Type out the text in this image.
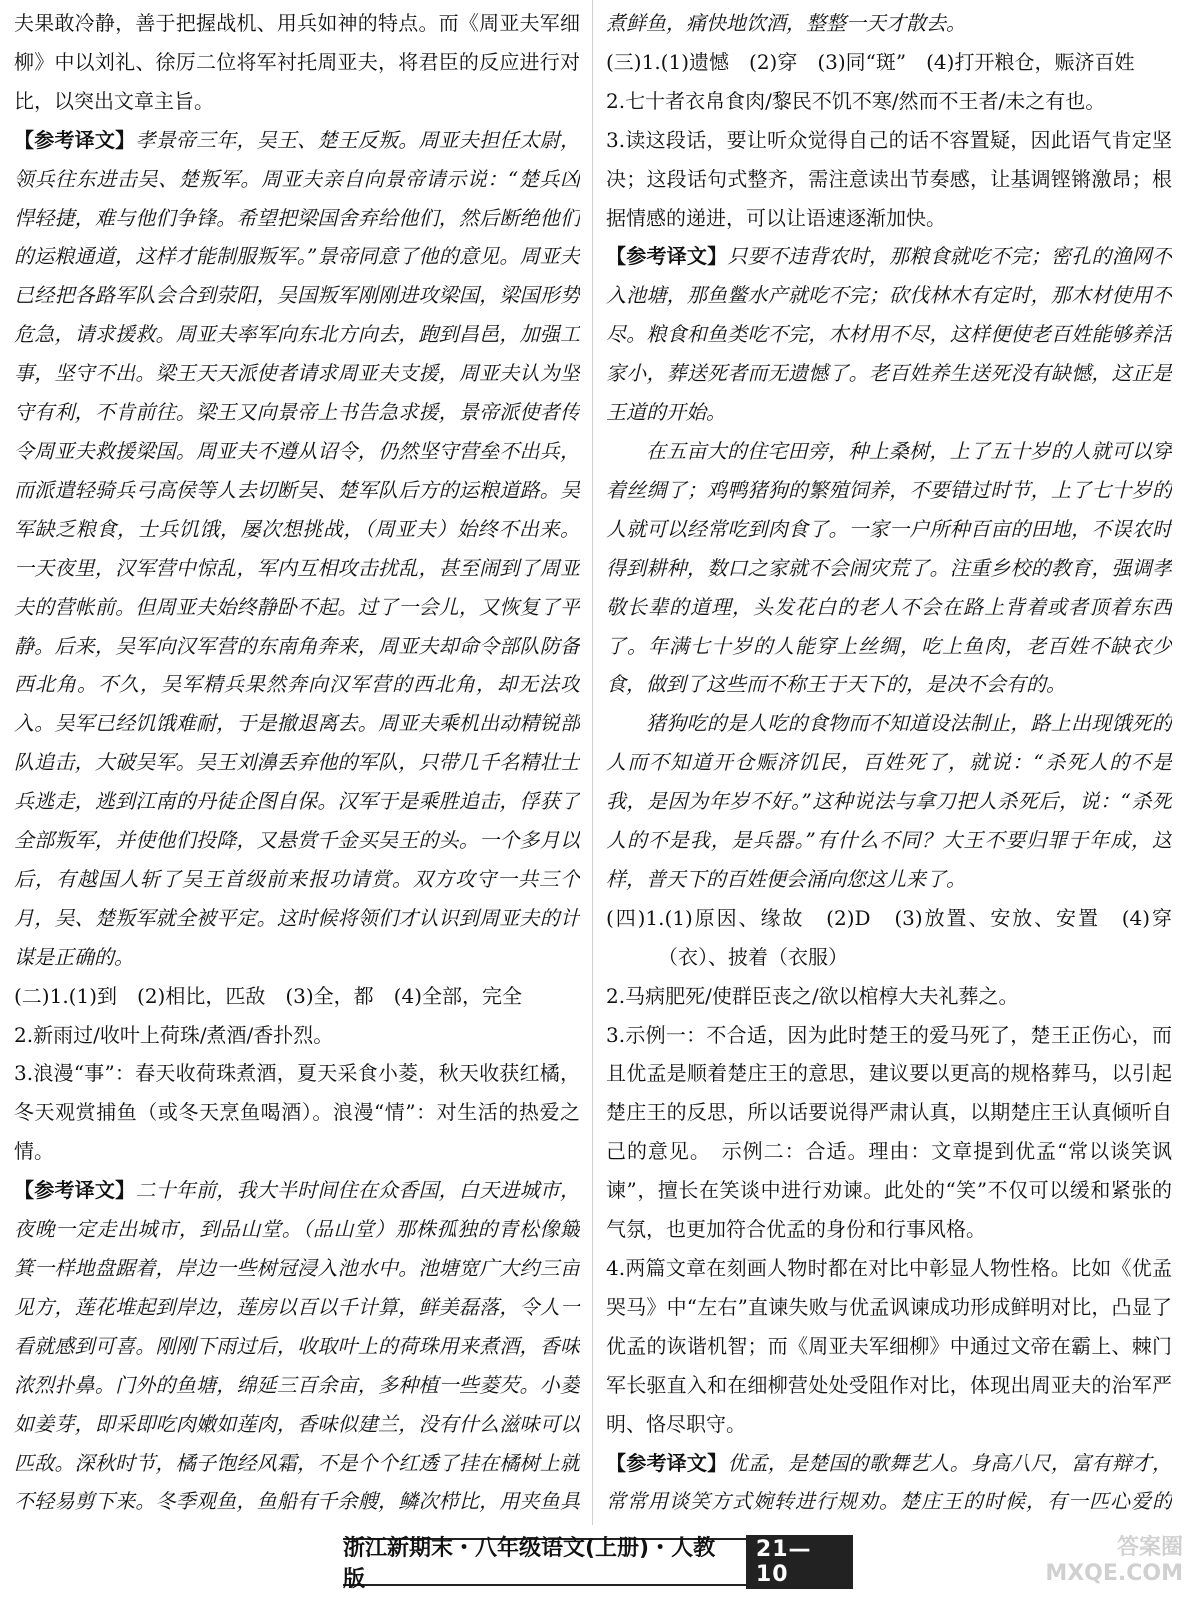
夫果敢冷静，善于把握战机、用兵如神的特点。而《周亚夫军细柳》中以刘礼、徐厉二位将军衬托周亚夫，将君臣的反应进行对比，以突出文章主旨。

【参考译文】孝景帝三年，吴王、楚王反叛。周亚夫担任太尉，领兵往东进击吴、楚叛军。周亚夫亲自向景帝请示说：“楚兵凶悍轻捷，难与他们争锋。希望把梁国舍弃给他们，然后断绝他们的运粮通道，这样才能制服叛军。”景帝同意了他的意见。周亚夫已经把各路军队会合到荥阳，吴国叛军刚刚进攻梁国，梁国形势危急，请求援救。周亚夫率军向东北方向去，跑到昌邑，加强工事，坚守不出。梁王天天派使者请求周亚夫支援，周亚夫认为坚守有利，不肯前往。梁王又向景帝上书告急求援，景帝派使者传令周亚夫救援梁国。周亚夫不遵从诏令，仍然坚守营垒不出兵，而派遣轻骑兵弓高侯等人去切断吴、楚军队后方的运粮道路。吴军缺乏粮食，士兵饥饿，屡次想挑战，（周亚夫）始终不出来。一天夜里，汉军营中惊乱，军内互相攻击扰乱，甚至闹到了周亚夫的营帐前。但周亚夫始终静卧不起。过了一会儿，又恢复了平静。后来，吴军向汉军营的东南角奔来，周亚夫却命令部队防备西北角。不久，吴军精兵果然奔向汉军营的西北角，却无法攻入。吴军已经饥饿难耐，于是撤退离去。周亚夫乘机出动精锐部队追击，大破吴军。吴王刘濞丢弃他的军队，只带几千名精壮士兵逃走，逃到江南的丹徒企图自保。汉军于是乘胜追击，俘获了全部叛军，并使他们投降，又悬赏千金买吴王的头。一个多月以后，有越国人斩了吴王首级前来报功请赏。双方攻守一共三个月，吴、楚叛军就全被平定。这时候将领们才认识到周亚夫的计谋是正确的。

(二)1.(1)到　(2)相比，匹敌　(3)全，都　(4)全部，完全

2.新雨过/收叶上荷珠/煮酒/香扑烈。

3.浪漫“事”：春天收荷珠煮酒，夏天采食小菱，秋天收获红橘，冬天观赏捕鱼（或冬天烹鱼喝酒）。浪漫“情”：对生活的热爱之情。

【参考译文】二十年前，我大半时间住在众香国，白天进城市，夜晚一定走出城市，到品山堂。（品山堂）那株孤独的青松像簸箕一样地盘踞着，岸边一些树冠浸入池水中。池塘宽广大约三亩见方，莲花堆起到岸边，莲房以百以千计算，鲜美磊落，令人一看就感到可喜。刚刚下雨过后，收取叶上的荷珠用来煮酒，香味浓烈扑鼻。门外的鱼塘，绵延三百余亩，多种植一些菱芡。小菱如姜芽，即采即吃肉嫩如莲肉，香味似建兰，没有什么滋味可以匹敌。深秋时节，橘子饱经风霜，不是个个红透了挂在橘树上就不轻易剪下来。冬季观鱼，鱼船有千余艘，鳞次栉比，用夹鱼具

煮鲜鱼，痛快地饮酒，整整一天才散去。

(三)1.(1)遗憾　(2)穿　(3)同“斑”　(4)打开粮仓，赈济百姓

2.七十者衣帛食肉/黎民不饥不寒/然而不王者/未之有也。

3.读这段话，要让听众觉得自己的话不容置疑，因此语气肯定坚决；这段话句式整齐，需注意读出节奏感，让基调铿锵激昂；根据情感的递进，可以让语速逐渐加快。

【参考译文】只要不违背农时，那粮食就吃不完；密孔的渔网不入池塘，那鱼鳖水产就吃不完；砍伐林木有定时，那木材使用不尽。粮食和鱼类吃不完，木材用不尽，这样便使老百姓能够养活家小，葬送死者而无遗憾了。老百姓养生送死没有缺憾，这正是王道的开始。

在五亩大的住宅田旁，种上桑树，上了五十岁的人就可以穿着丝绸了；鸡鸭猪狗的繁殖饲养，不要错过时节，上了七十岁的人就可以经常吃到肉食了。一家一户所种百亩的田地，不误农时得到耕种，数口之家就不会闹灾荒了。注重乡校的教育，强调孝敬长辈的道理，头发花白的老人不会在路上背着或者顶着东西了。年满七十岁的人能穿上丝绸，吃上鱼肉，老百姓不缺衣少食，做到了这些而不称王于天下的，是决不会有的。

猪狗吃的是人吃的食物而不知道设法制止，路上出现饿死的人而不知道开仓赈济饥民，百姓死了，就说：“杀死人的不是我，是因为年岁不好。”这种说法与拿刀把人杀死后，说：“杀死人的不是我，是兵器。”有什么不同？大王不要归罪于年成，这样，普天下的百姓便会涌向您这儿来了。

(四)1.(1)原因、缘故　(2)D　(3)放置、安放、安置　(4)穿（衣）、披着（衣服）

2.马病肥死/使群臣丧之/欲以棺椁大夫礼葬之。

3.示例一：不合适，因为此时楚王的爱马死了，楚王正伤心，而且优孟是顺着楚庄王的意思，建议要以更高的规格葬马，以引起楚庄王的反思，所以话要说得严肃认真，以期楚庄王认真倾听自己的意见。　示例二：合适。理由：文章提到优孟“常以谈笑讽谏”，擅长在笑谈中进行劝谏。此处的“笑”不仅可以缓和紧张的气氛，也更加符合优孟的身份和行事风格。

4.两篇文章在刻画人物时都在对比中彰显人物性格。比如《优孟哭马》中“左右”直谏失败与优孟讽谏成功形成鲜明对比，凸显了优孟的诙谐机智；而《周亚夫军细柳》中通过文帝在霸上、棘门军长驱直入和在细柳营处处受阻作对比，体现出周亚夫的治军严明、恪尽职守。

【参考译文】优孟，是楚国的歌舞艺人。身高八尺，富有辩才，常常用谈笑方式婉转进行规劝。楚庄王的时候，有一匹心爱的

浙江新期末・八年级语文(上册)・人教版
21—10
答案圈
MXQE.COM
